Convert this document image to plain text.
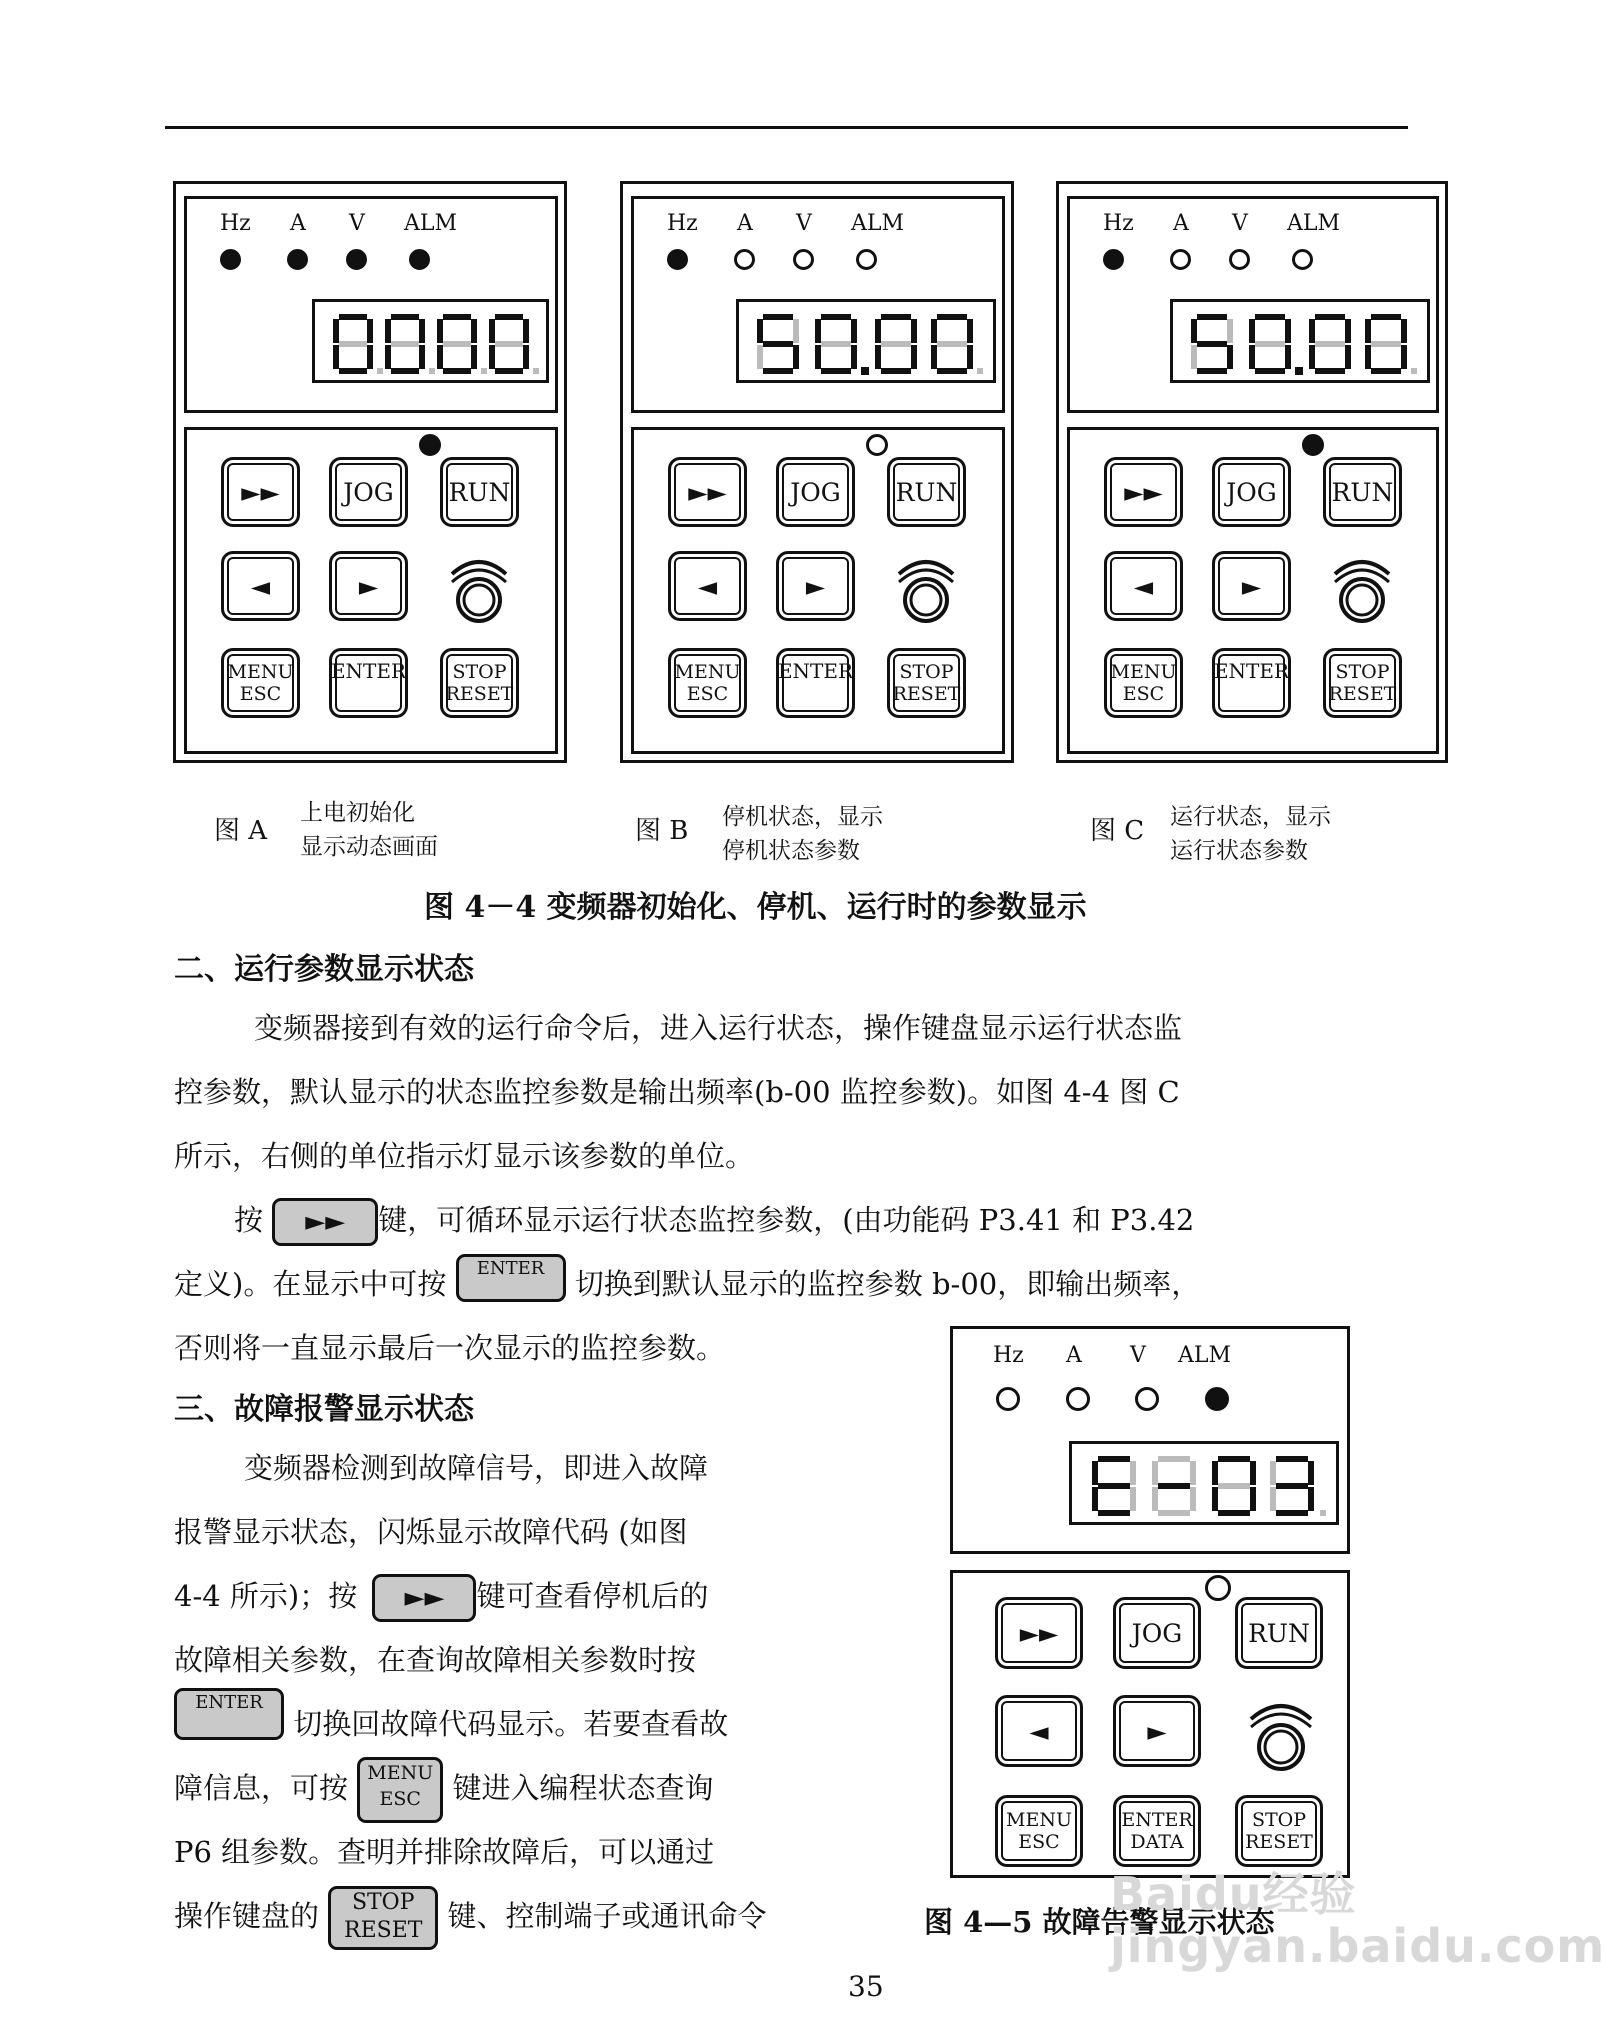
Hz A V ALM
►►	JOG	RUN
◄	►
MENU
ESC
ENTER STOP
RESET
Hz A V ALM
►►	JOG	RUN
◄	►
MENU
ESC
ENTER STOP
RESET
Hz A V ALM
►►	JOG	RUN
◄	►
MENU
ESC
ENTER STOP
RESET
图 A
上电初始化
显示动态画面
图 B 停机状态，显示
停机状态参数
图 C 运行状态，显示
运行状态参数
图 4－4 变频器初始化、停机、运行时的参数显示
二、运行参数显示状态
变频器接到有效的运行命令后，进入运行状态，操作键盘显示运行状态监
控参数，默认显示的状态监控参数是输出频率(b-00 监控参数)。如图 4-4 图 C
所示，右侧的单位指示灯显示该参数的单位。
按 ►► 键，可循环显示运行状态监控参数，(由功能码 P3.41 和 P3.42
定义)。在显示中可按 ENTER 切换到默认显示的监控参数 b-00，即输出频率，
否则将一直显示最后一次显示的监控参数。
三、故障报警显示状态
变频器检测到故障信号，即进入故障
报警显示状态，闪烁显示故障代码 (如图
4-4 所示)；按 ►► 键可查看停机后的
故障相关参数，在查询故障相关参数时按
ENTER 切换回故障代码显示。若要查看故
障信息，可按 MENU
ESC 键进入编程状态查询
P6 组参数。查明并排除故障后，可以通过
操作键盘的 STOP
RESET 键、控制端子或通讯命令
Hz A V ALM
►►	JOG	RUN
◄	►
MENU
ESC
ENTER
DATA
STOP
RESET
图 4—5 故障告警显示状态
Baidu经验 jingyan.baidu.com
35
